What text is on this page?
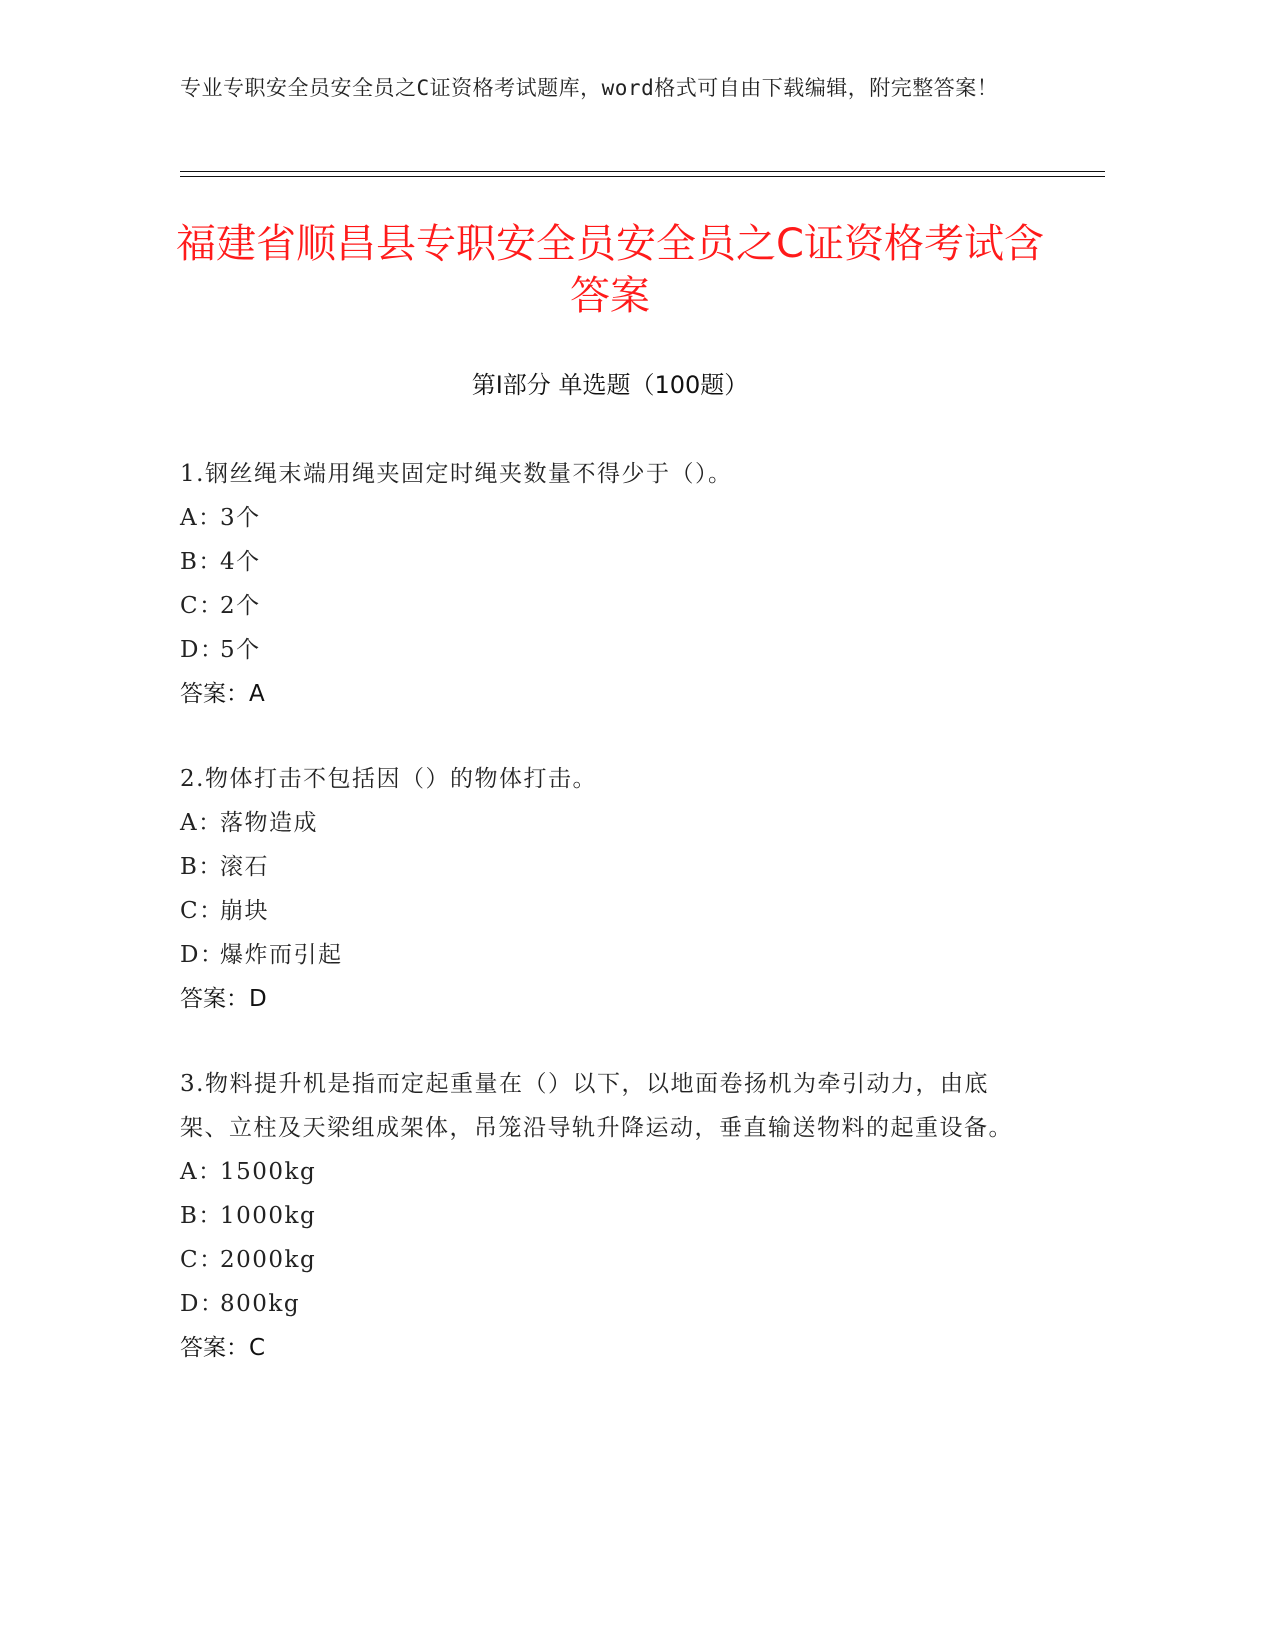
专业专职安全员安全员之C证资格考试题库，word格式可自由下载编辑，附完整答案！
福建省顺昌县专职安全员安全员之C证资格考试含答案
第Ⅰ部分 单选题（100题）
1.钢丝绳末端用绳夹固定时绳夹数量不得少于（）。
A：3个
B：4个
C：2个
D：5个
答案：A
2.物体打击不包括因（）的物体打击。
A：落物造成
B：滚石
C：崩块
D：爆炸而引起
答案：D
3.物料提升机是指而定起重量在（）以下，以地面卷扬机为牵引动力，由底架、立柱及天梁组成架体，吊笼沿导轨升降运动，垂直输送物料的起重设备。
A：1500kg
B：1000kg
C：2000kg
D：800kg
答案：C
